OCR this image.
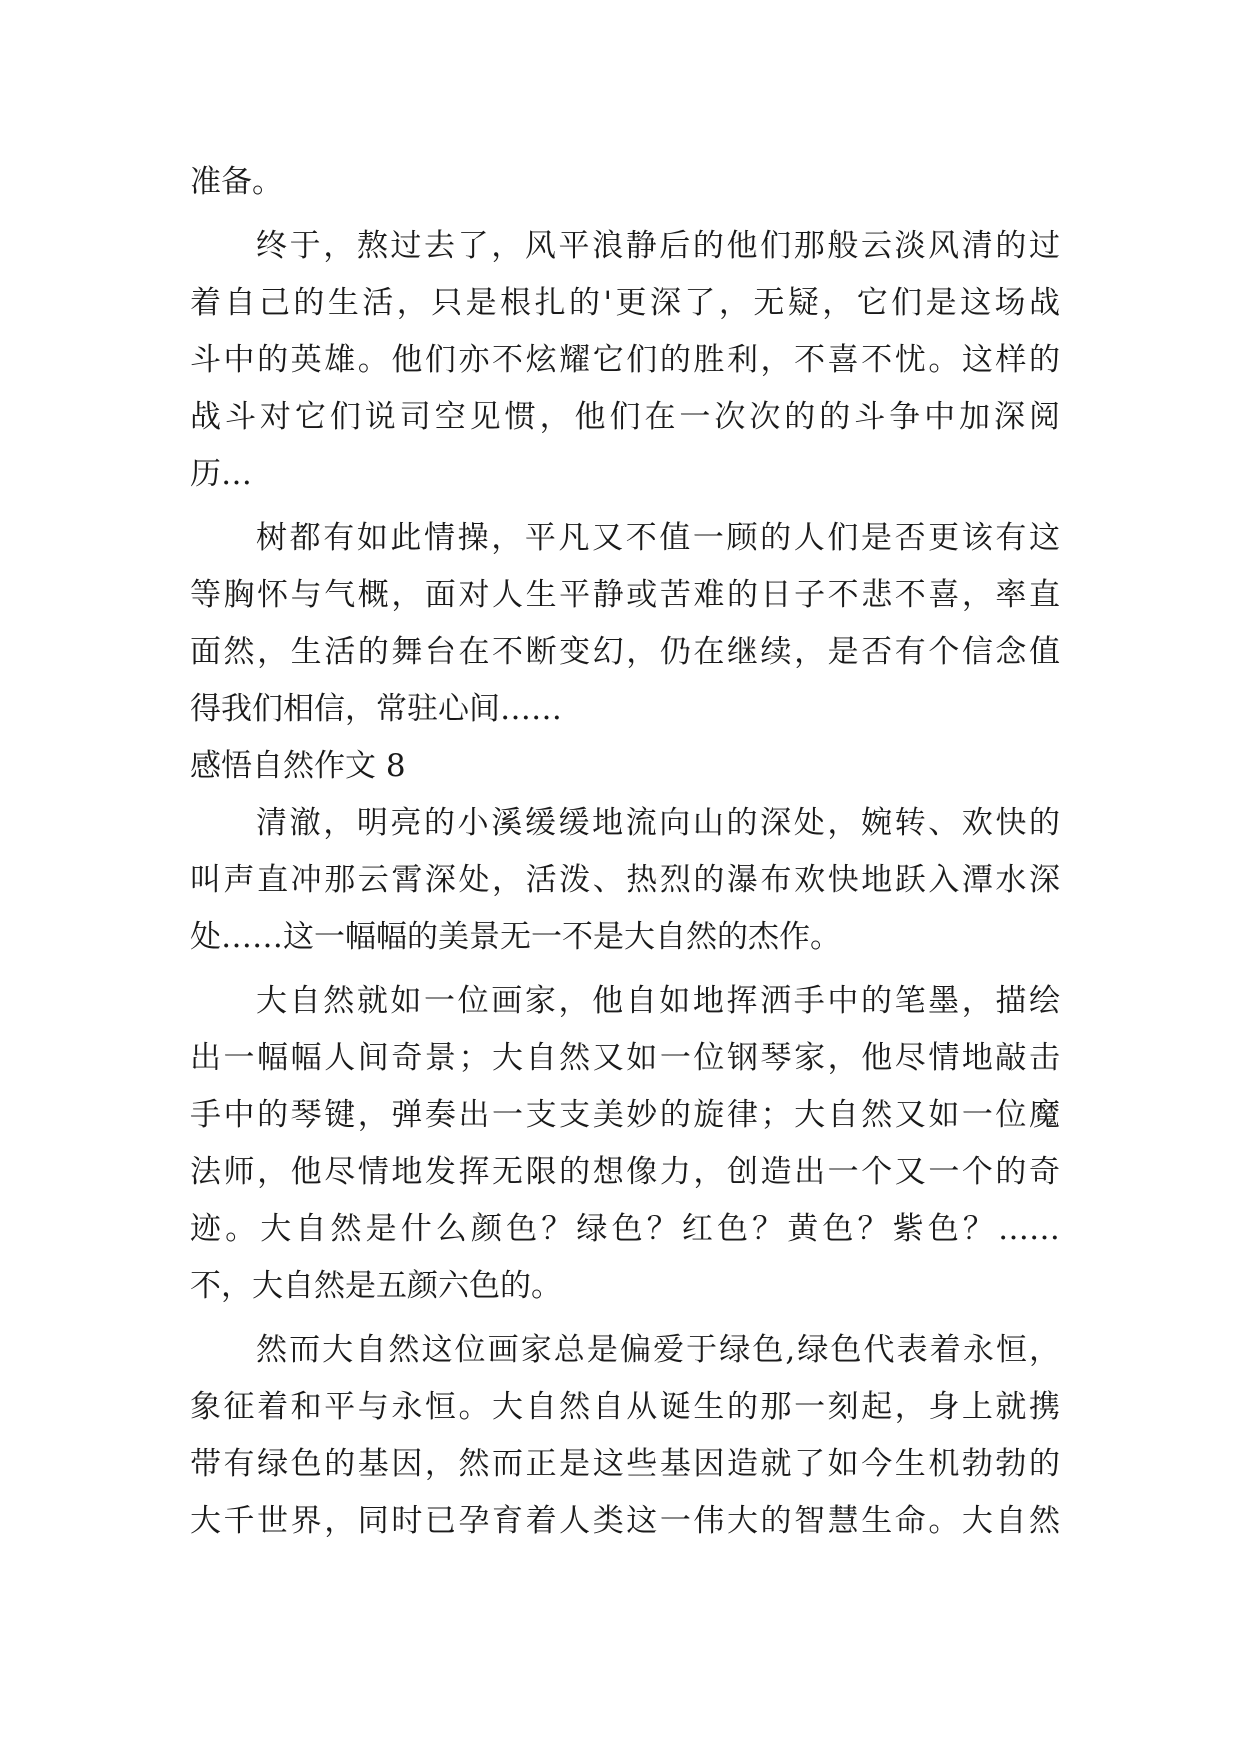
准备。
终于，熬过去了，风平浪静后的他们那般云淡风清的过
着自己的生活，只是根扎的'更深了，无疑，它们是这场战
斗中的英雄。他们亦不炫耀它们的胜利，不喜不忧。这样的
战斗对它们说司空见惯，他们在一次次的的斗争中加深阅
历…
树都有如此情操，平凡又不值一顾的人们是否更该有这
等胸怀与气概，面对人生平静或苦难的日子不悲不喜，率直
面然，生活的舞台在不断变幻，仍在继续，是否有个信念值
得我们相信，常驻心间……
感悟自然作文 8
清澈，明亮的小溪缓缓地流向山的深处，婉转、欢快的
叫声直冲那云霄深处，活泼、热烈的瀑布欢快地跃入潭水深
处……这一幅幅的美景无一不是大自然的杰作。
大自然就如一位画家，他自如地挥洒手中的笔墨，描绘
出一幅幅人间奇景；大自然又如一位钢琴家，他尽情地敲击
手中的琴键，弹奏出一支支美妙的旋律；大自然又如一位魔
法师，他尽情地发挥无限的想像力，创造出一个又一个的奇
迹。大自然是什么颜色？绿色？红色？黄色？紫色？……
不，大自然是五颜六色的。
然而大自然这位画家总是偏爱于绿色,绿色代表着永恒，
象征着和平与永恒。大自然自从诞生的那一刻起，身上就携
带有绿色的基因，然而正是这些基因造就了如今生机勃勃的
大千世界，同时已孕育着人类这一伟大的智慧生命。大自然
